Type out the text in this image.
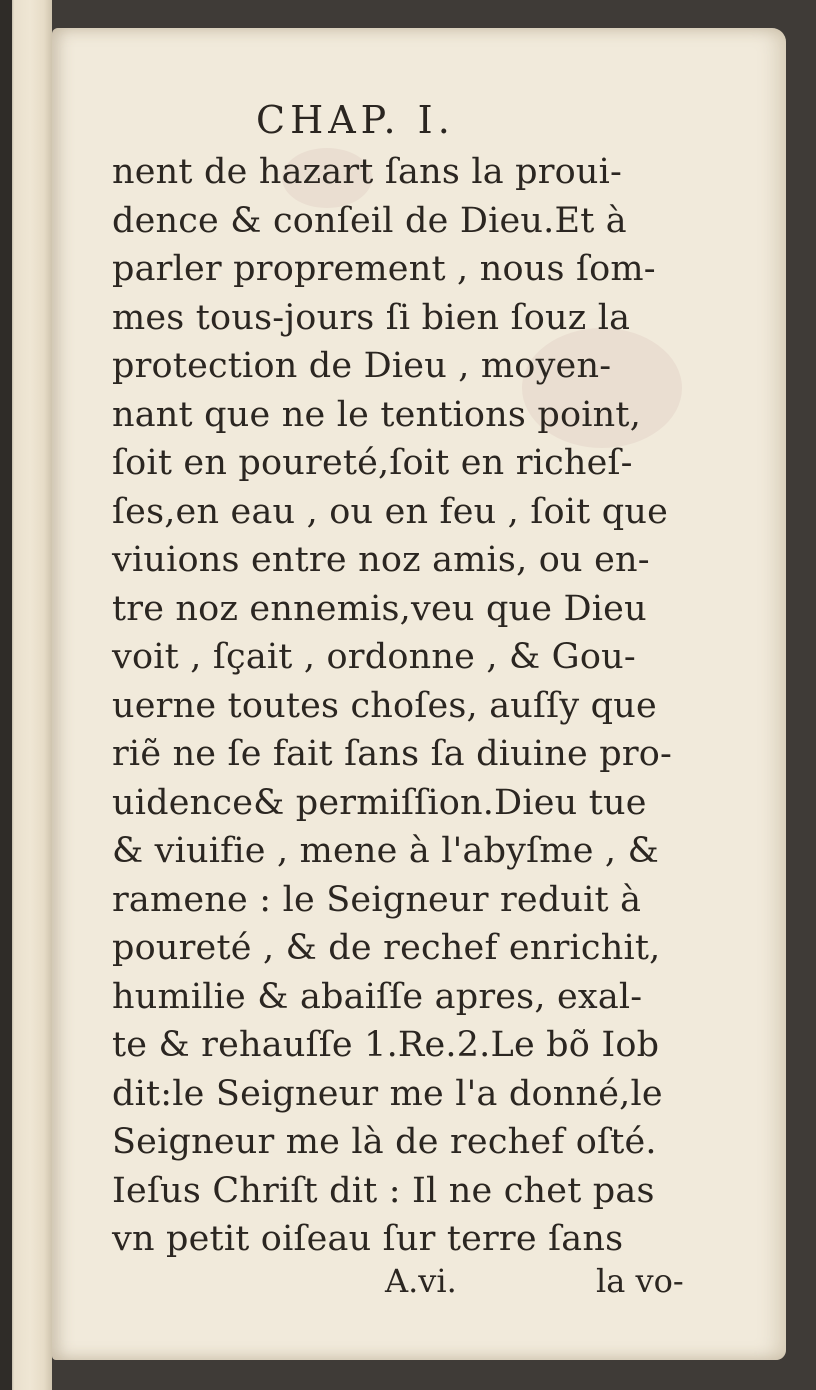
CHAP. I.
nent de hazart ſans la proui-
dence & conſeil de Dieu.Et à
parler proprement , nous ſom-
mes tous-jours ſi bien ſouz la
protection de Dieu , moyen-
nant que ne le tentions point,
ſoit en poureté,ſoit en richeſ-
ſes,en eau , ou en feu , ſoit que
viuions entre noz amis, ou en-
tre noz ennemis,veu que Dieu
voit , ſçait , ordonne , & Gou-
uerne toutes choſes, auſſy que
riẽ ne ſe fait ſans ſa diuine pro-
uidence& permiſſion.Dieu tue
& viuifie , mene à l'abyſme , &
ramene : le Seigneur reduit à
poureté , & de rechef enrichit,
humilie & abaiſſe apres, exal-
te & rehauſſe 1.Re.2.Le bõ Iob
dit:le Seigneur me l'a donné,le
Seigneur me là de rechef oſté.
Ieſus Chriſt dit : Il ne chet pas
vn petit oiſeau ſur terre ſans
A.vi.	la vo-
